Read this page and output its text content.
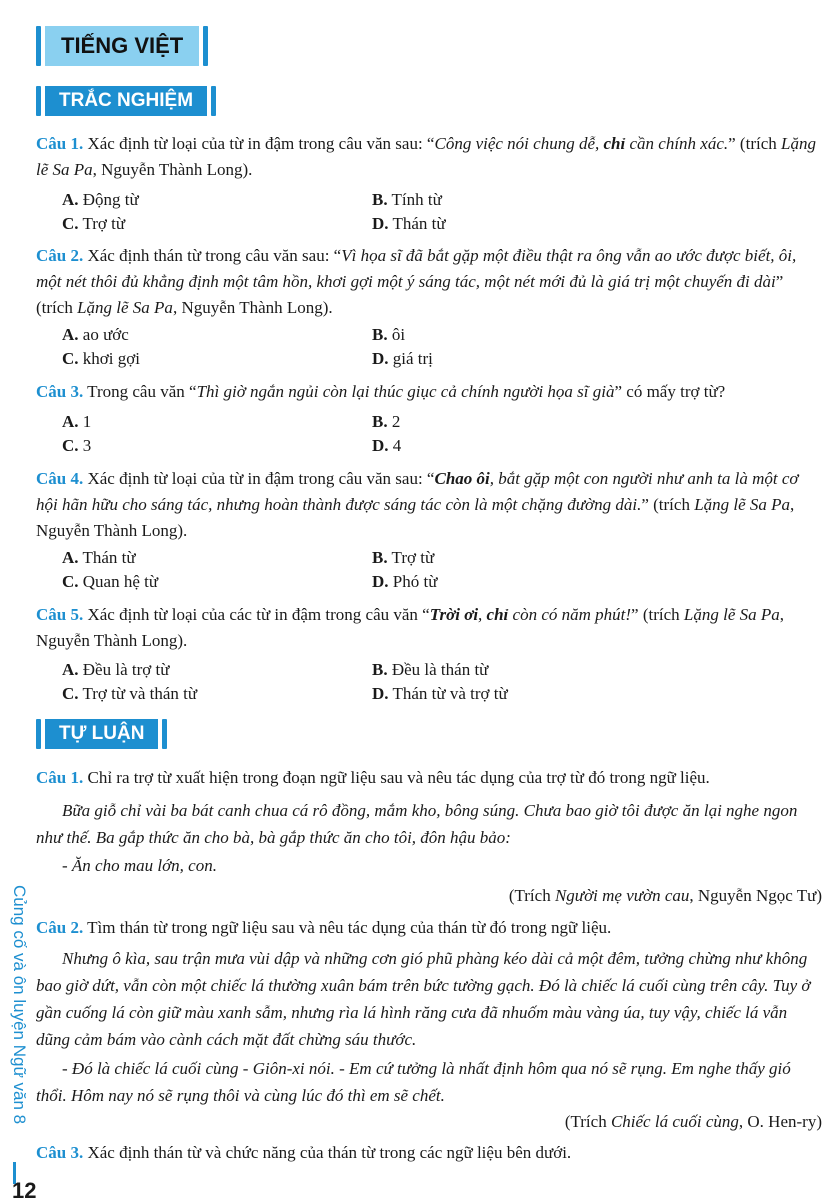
TIẾNG VIỆT
TRẮC NGHIỆM
Câu 1. Xác định từ loại của từ in đậm trong câu văn sau: “Công việc nói chung dễ, chỉ cần chính xác.” (trích Lặng lẽ Sa Pa, Nguyễn Thành Long).
A. Động từ	B. Tính từ
C. Trợ từ	D. Thán từ
Câu 2. Xác định thán từ trong câu văn sau: “Vì họa sĩ đã bắt gặp một điều thật ra ông vẫn ao ước được biết, ôi, một nét thôi đủ khẳng định một tâm hồn, khơi gợi một ý sáng tác, một nét mới đủ là giá trị một chuyến đi dài” (trích Lặng lẽ Sa Pa, Nguyễn Thành Long).
A. ao ước	B. ôi
C. khơi gợi	D. giá trị
Câu 3. Trong câu văn “Thì giờ ngắn ngủi còn lại thúc giục cả chính người họa sĩ già” có mấy trợ từ?
A. 1	B. 2
C. 3	D. 4
Câu 4. Xác định từ loại của từ in đậm trong câu văn sau: “Chao ôi, bắt gặp một con người như anh ta là một cơ hội hãn hữu cho sáng tác, nhưng hoàn thành được sáng tác còn là một chặng đường dài.” (trích Lặng lẽ Sa Pa, Nguyễn Thành Long).
A. Thán từ	B. Trợ từ
C. Quan hệ từ	D. Phó từ
Câu 5. Xác định từ loại của các từ in đậm trong câu văn “Trời ơi, chỉ còn có năm phút!” (trích Lặng lẽ Sa Pa, Nguyễn Thành Long).
A. Đều là trợ từ	B. Đều là thán từ
C. Trợ từ và thán từ	D. Thán từ và trợ từ
TỰ LUẬN
Câu 1. Chỉ ra trợ từ xuất hiện trong đoạn ngữ liệu sau và nêu tác dụng của trợ từ đó trong ngữ liệu.
Bữa giỗ chỉ vài ba bát canh chua cá rô đồng, mắm kho, bông súng. Chưa bao giờ tôi được ăn lại nghe ngon như thế. Ba gắp thức ăn cho bà, bà gắp thức ăn cho tôi, đôn hậu bảo:
- Ăn cho mau lớn, con.
(Trích Người mẹ vườn cau, Nguyễn Ngọc Tư)
Câu 2. Tìm thán từ trong ngữ liệu sau và nêu tác dụng của thán từ đó trong ngữ liệu.
Nhưng ô kìa, sau trận mưa vùi dập và những cơn gió phũ phàng kéo dài cả một đêm, tưởng chừng như không bao giờ dứt, vẫn còn một chiếc lá thường xuân bám trên bức tường gạch. Đó là chiếc lá cuối cùng trên cây. Tuy ở gần cuống lá còn giữ màu xanh sẫm, nhưng rìa lá hình răng cưa đã nhuốm màu vàng úa, tuy vậy, chiếc lá vẫn dũng cảm bám vào cành cách mặt đất chừng sáu thước.
- Đó là chiếc lá cuối cùng - Giôn-xi nói. - Em cứ tưởng là nhất định hôm qua nó sẽ rụng. Em nghe thấy gió thổi. Hôm nay nó sẽ rụng thôi và cùng lúc đó thì em sẽ chết.
(Trích Chiếc lá cuối cùng, O. Hen-ry)
Câu 3. Xác định thán từ và chức năng của thán từ trong các ngữ liệu bên dưới.
Củng cố và ôn luyện Ngữ văn 8
12
